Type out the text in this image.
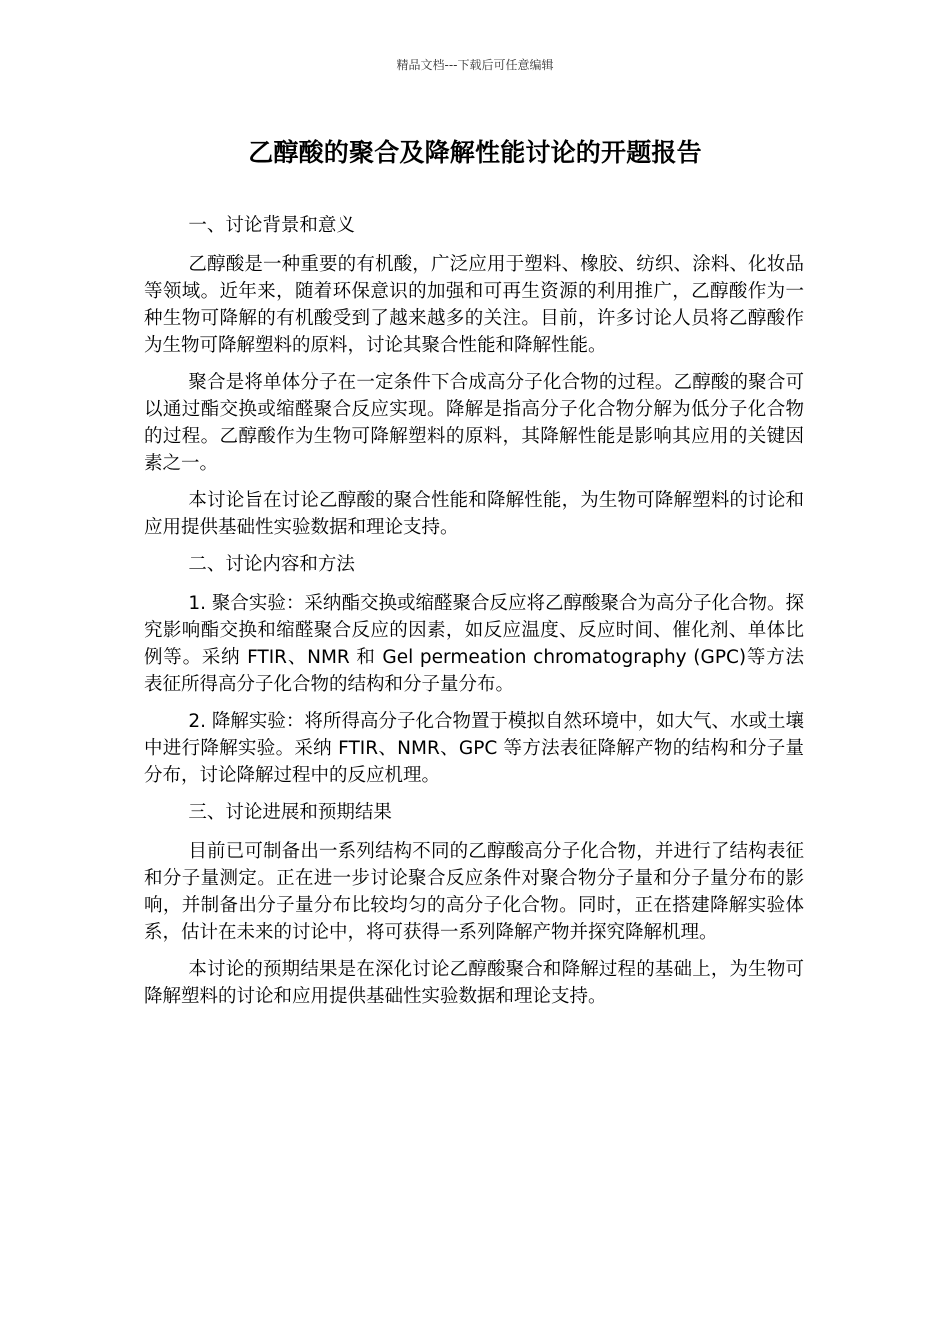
精品文档---下载后可任意编辑
乙醇酸的聚合及降解性能讨论的开题报告

一、讨论背景和意义

乙醇酸是一种重要的有机酸，广泛应用于塑料、橡胶、纺织、涂料、化妆品等领域。近年来，随着环保意识的加强和可再生资源的利用推广，乙醇酸作为一种生物可降解的有机酸受到了越来越多的关注。目前，许多讨论人员将乙醇酸作为生物可降解塑料的原料，讨论其聚合性能和降解性能。

聚合是将单体分子在一定条件下合成高分子化合物的过程。乙醇酸的聚合可以通过酯交换或缩醛聚合反应实现。降解是指高分子化合物分解为低分子化合物的过程。乙醇酸作为生物可降解塑料的原料，其降解性能是影响其应用的关键因素之一。

本讨论旨在讨论乙醇酸的聚合性能和降解性能，为生物可降解塑料的讨论和应用提供基础性实验数据和理论支持。

二、讨论内容和方法

1. 聚合实验：采纳酯交换或缩醛聚合反应将乙醇酸聚合为高分子化合物。探究影响酯交换和缩醛聚合反应的因素，如反应温度、反应时间、催化剂、单体比例等。采纳 FTIR、NMR 和 Gel permeation chromatography (GPC)等方法表征所得高分子化合物的结构和分子量分布。

2. 降解实验：将所得高分子化合物置于模拟自然环境中，如大气、水或土壤中进行降解实验。采纳 FTIR、NMR、GPC 等方法表征降解产物的结构和分子量分布，讨论降解过程中的反应机理。

三、讨论进展和预期结果

目前已可制备出一系列结构不同的乙醇酸高分子化合物，并进行了结构表征和分子量测定。正在进一步讨论聚合反应条件对聚合物分子量和分子量分布的影响，并制备出分子量分布比较均匀的高分子化合物。同时，正在搭建降解实验体系，估计在未来的讨论中，将可获得一系列降解产物并探究降解机理。

本讨论的预期结果是在深化讨论乙醇酸聚合和降解过程的基础上，为生物可降解塑料的讨论和应用提供基础性实验数据和理论支持。
